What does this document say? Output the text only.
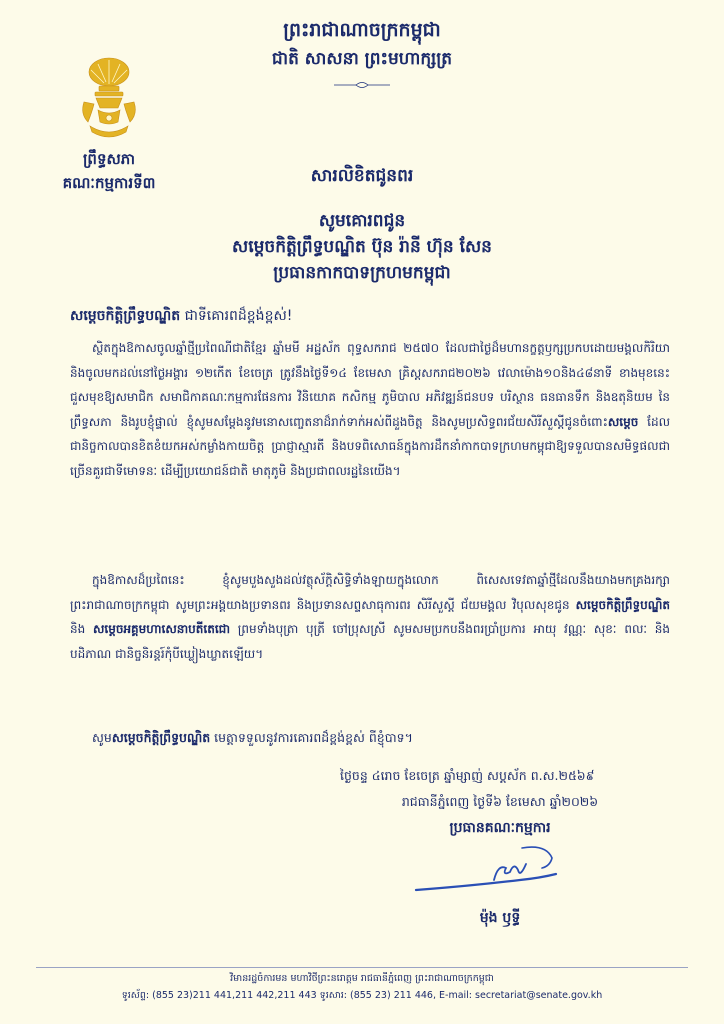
ព្រះរាជាណាចក្រកម្ពុជា
ជាតិ សាសនា ព្រះមហាក្សត្រ
ព្រឹទ្ធសភា
គណៈកម្មការទី៣	សារលិខិតជូនពរ
សូមគោរពជូន
សម្តេចកិត្តិព្រឹទ្ធបណ្ឌិត ប៊ុន រ៉ានី ហ៊ុន សែន
ប្រធានកាកបាទក្រហមកម្ពុជា
សម្តេចកិត្តិព្រឹទ្ធបណ្ឌិត ជាទីគោរពដ៏ខ្ពង់ខ្ពស់!
ស្ថិតក្នុងឱកាសចូលឆ្នាំថ្មីប្រពៃណីជាតិខ្មែរ ឆ្នាំមមី អដ្ឋស័ក ពុទ្ធសករាជ ២៥៧០ ដែលជាថ្ងៃដ៏មហានក្ខត្តឫក្សប្រកបដោយមង្គលកិរិយានិងចូលមកដល់នៅថ្ងៃអង្គារ ១២កើត ខែចេត្រ ត្រូវនឹងថ្ងៃទី១៤ ខែមេសា គ្រិស្តសករាជ២០២៦ វេលាម៉ោង១០និង៤៨នាទី ខាងមុខនេះ ជួសមុខឱ្យសមាជិក សមាជិកាគណៈកម្មការផែនការ វិនិយោគ កសិកម្ម ភូមិបាល អភិវឌ្ឍន៍ជនបទ បរិស្ថាន ធនធានទឹក និងឧតុនិយម នៃព្រឹទ្ធសភា និងរូបខ្ញុំផ្ទាល់ ខ្ញុំសូមសម្តែងនូវមនោសញ្ចេតនាដ៏រាក់ទាក់អស់ពីដួងចិត្ត និងសូមប្រសិទ្ធពរជ័យសិរីសួស្តីជូនចំពោះសម្តេច ដែលជានិច្ចកាលបានខិតខំយកអស់កម្លាំងកាយចិត្ត ប្រាជ្ញាស្មារតី និងបទពិសោធន៍ក្នុងការដឹកនាំកាកបាទក្រហមកម្ពុជាឱ្យទទួលបានសមិទ្ធផលជាច្រើនគួរជាទីមោទនៈ ដើម្បីប្រយោជន៍ជាតិ មាតុភូមិ និងប្រជាពលរដ្ឋនៃយើង។
ក្នុងឱកាសដ៏ប្រពៃនេះ ខ្ញុំសូមបួងសួងដល់វត្ថុស័ក្តិសិទ្ធិទាំងឡាយក្នុងលោក ពិសេសទេវតាឆ្នាំថ្មីដែលនឹងយាងមកគ្រងរក្សាព្រះរាជាណាចក្រកម្ពុជា សូមព្រះអង្គយាងប្រទានពរ និងប្រទានសព្ទសាធុការពរ សិរីសួស្តី ជ័យមង្គល វិបុលសុខជូន សម្តេចកិត្តិព្រឹទ្ធបណ្ឌិត និង សម្តេចអគ្គមហាសេនាបតីតេជោ ព្រមទាំងបុត្រា បុត្រី ចៅប្រុសស្រី សូមសមប្រកបនឹងពរប្រាំប្រការ អាយុ វណ្ណៈ សុខៈ ពលៈ និងបដិភាណ ជានិច្ចនិរន្តរ៍កុំបីឃ្លៀងឃ្លាតឡើយ។
សូមសម្តេចកិត្តិព្រឹទ្ធបណ្ឌិត មេត្តាទទួលនូវការគោរពដ៏ខ្ពង់ខ្ពស់ ពីខ្ញុំបាទ។
ថ្ងៃចន្ទ ៤រោច ខែចេត្រ ឆ្នាំម្សាញ់ សប្តស័ក ព.ស.២៥៦៩
រាជធានីភ្នំពេញ ថ្ងៃទី៦ ខែមេសា ឆ្នាំ២០២៦
ប្រធានគណៈកម្មការ
ម៉ុង ឫទ្ធី
វិមានរដ្ឋចំការមន មហាវិថីព្រះនរោត្តម រាជធានីភ្នំពេញ ព្រះរាជាណាចក្រកម្ពុជា
ទូរស័ព្ទ: (855 23)211 441,211 442,211 443 ទូរសារ: (855 23) 211 446, E-mail: secretariat@senate.gov.kh
